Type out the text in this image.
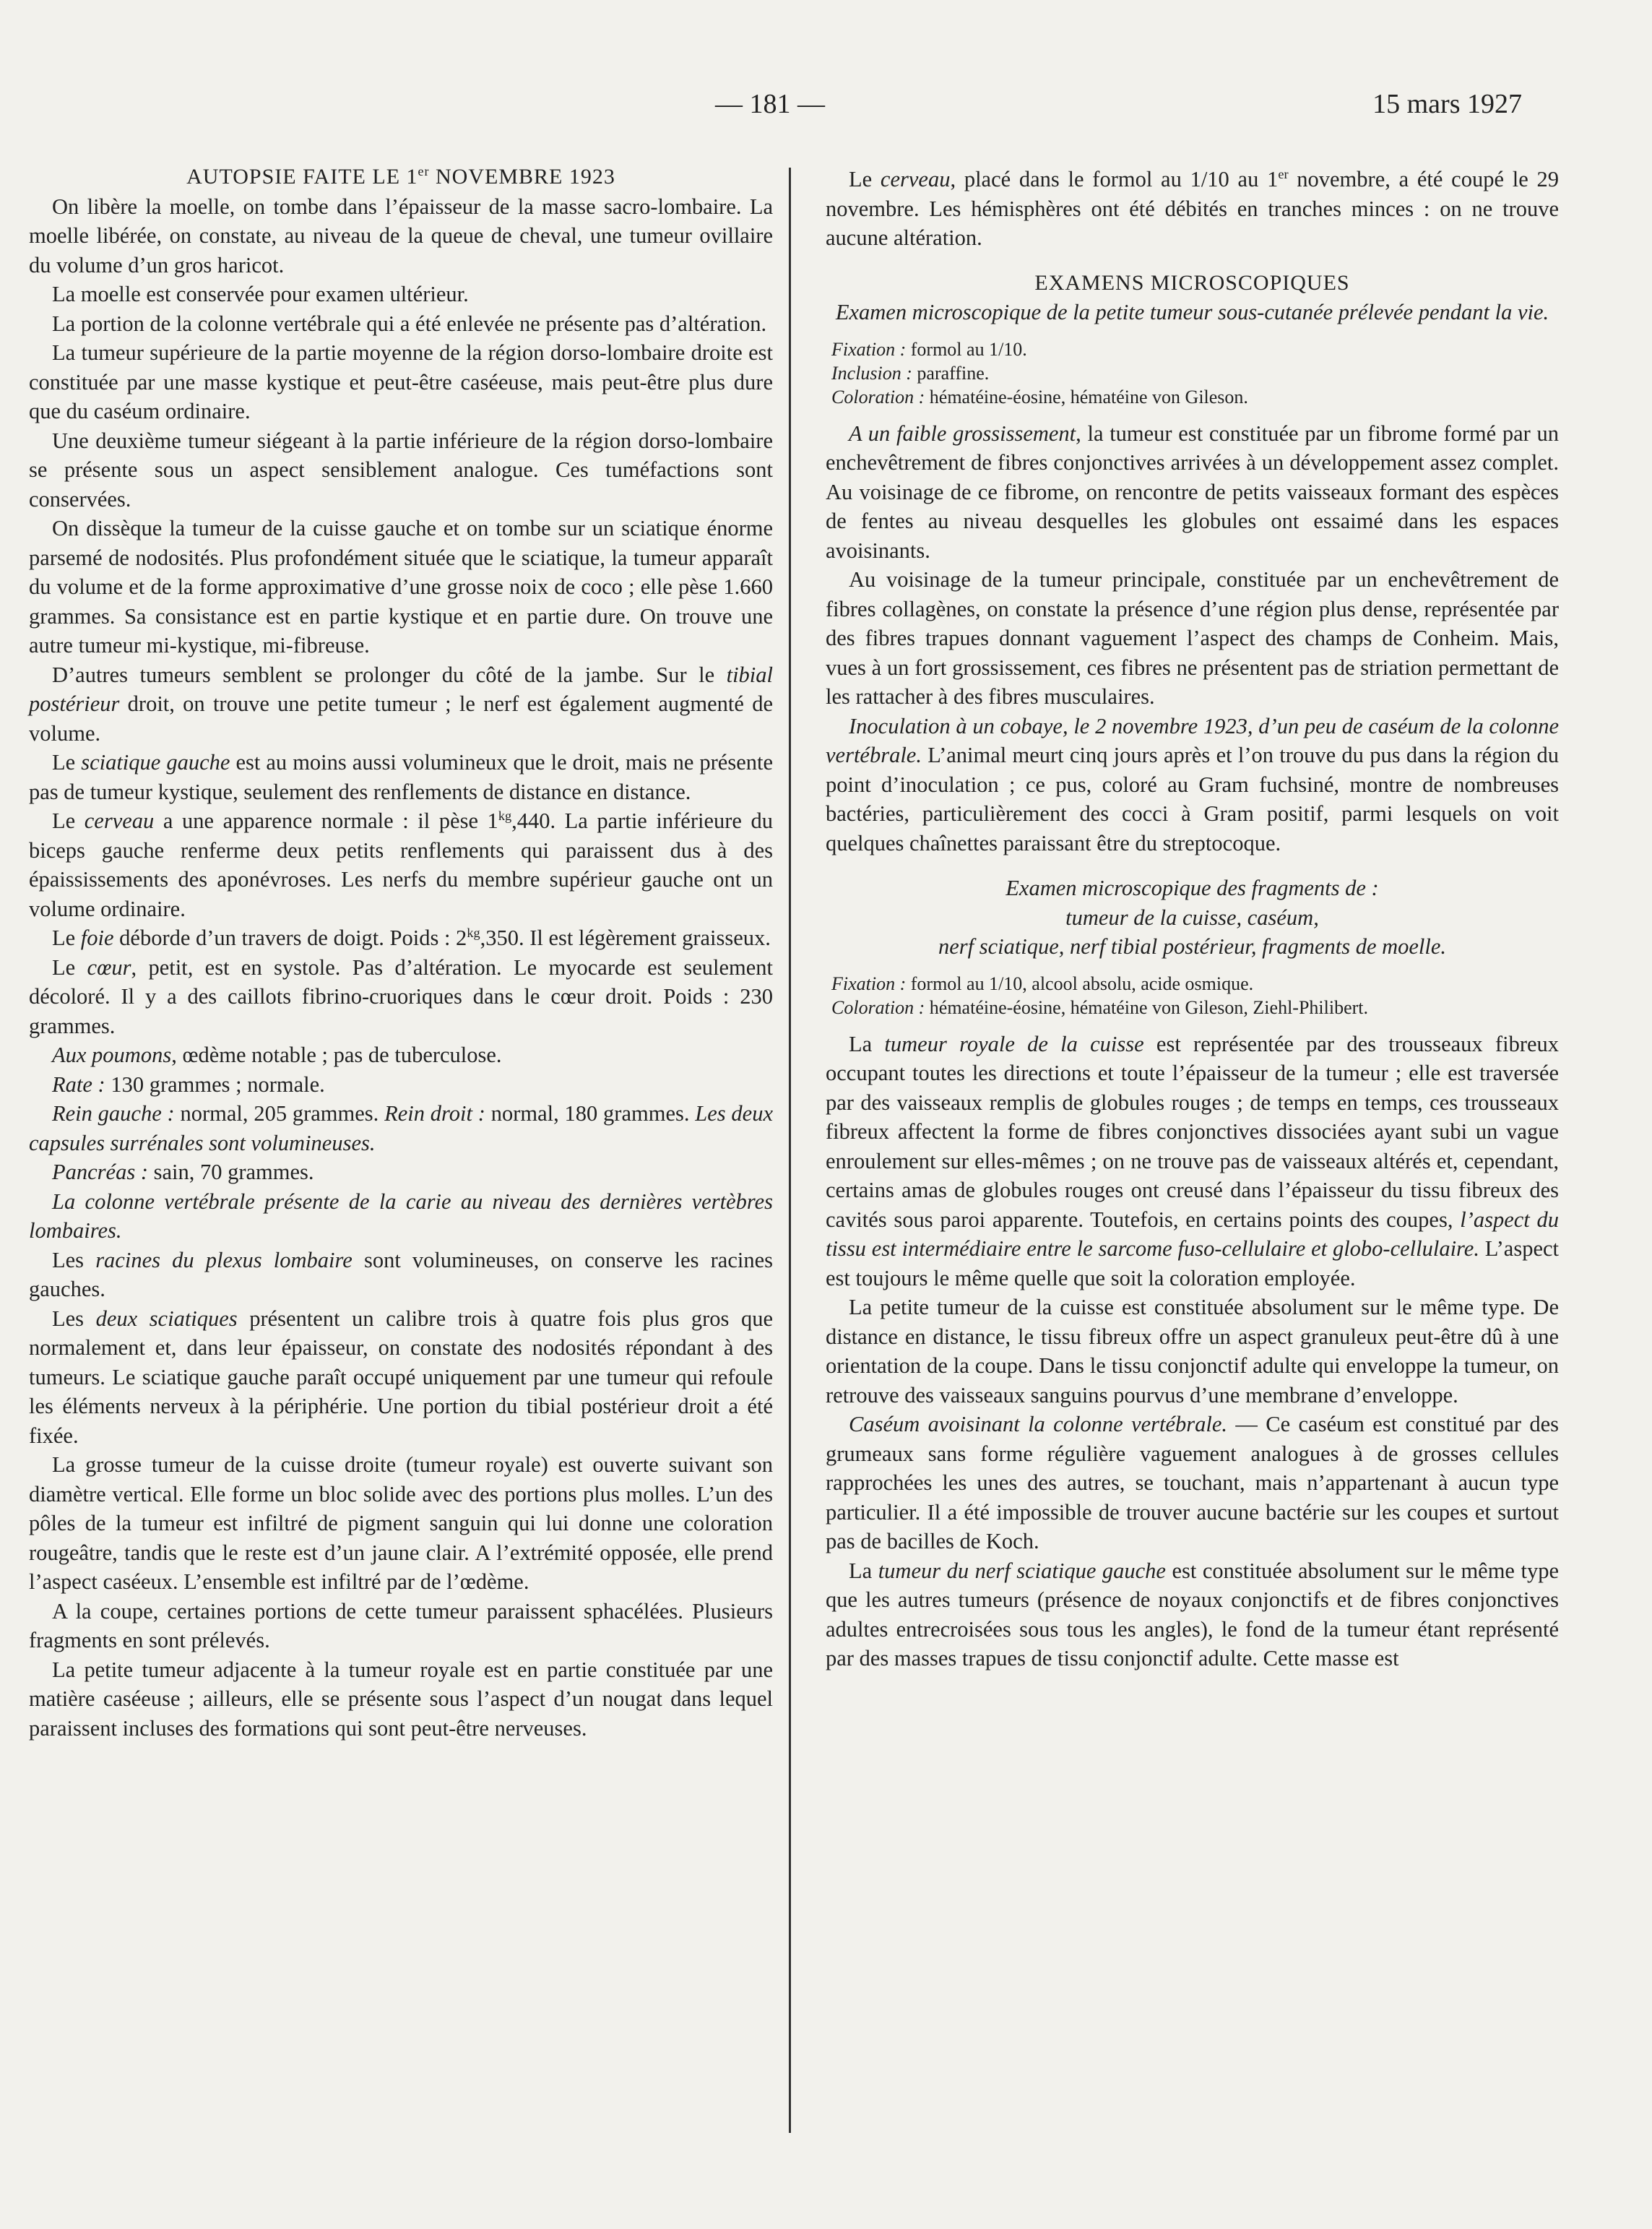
— 181 —	15 mars 1927

AUTOPSIE FAITE LE 1er NOVEMBRE 1923

On libère la moelle, on tombe dans l’épaisseur de la masse sacro-lombaire. La moelle libérée, on constate, au niveau de la queue de cheval, une tumeur ovillaire du volume d’un gros haricot.

La moelle est conservée pour examen ultérieur.

La portion de la colonne vertébrale qui a été enlevée ne présente pas d’altération.

La tumeur supérieure de la partie moyenne de la région dorso-lombaire droite est constituée par une masse kystique et peut-être caséeuse, mais peut-être plus dure que du caséum ordinaire.

Une deuxième tumeur siégeant à la partie inférieure de la région dorso-lombaire se présente sous un aspect sensiblement analogue. Ces tuméfactions sont conservées.

On dissèque la tumeur de la cuisse gauche et on tombe sur un sciatique énorme parsemé de nodosités. Plus profondément située que le sciatique, la tumeur apparaît du volume et de la forme approximative d’une grosse noix de coco ; elle pèse 1.660 grammes. Sa consistance est en partie kystique et en partie dure. On trouve une autre tumeur mi-kystique, mi-fibreuse.

D’autres tumeurs semblent se prolonger du côté de la jambe. Sur le tibial postérieur droit, on trouve une petite tumeur ; le nerf est également augmenté de volume.

Le sciatique gauche est au moins aussi volumineux que le droit, mais ne présente pas de tumeur kystique, seulement des renflements de distance en distance.

Le cerveau a une apparence normale : il pèse $1^{kg},440$. La partie inférieure du biceps gauche renferme deux petits renflements qui paraissent dus à des épaississements des aponévroses. Les nerfs du membre supérieur gauche ont un volume ordinaire.

Le foie déborde d’un travers de doigt. Poids : $2^{kg},350$. Il est légèrement graisseux.

Le cœur, petit, est en systole. Pas d’altération. Le myocarde est seulement décoloré. Il y a des caillots fibrino-cruoriques dans le cœur droit. Poids : 230 grammes.

Aux poumons, œdème notable ; pas de tuberculose.

Rate : 130 grammes ; normale.

Rein gauche : normal, 205 grammes. Rein droit : normal, 180 grammes. Les deux capsules surrénales sont volumineuses.

Pancréas : sain, 70 grammes.

La colonne vertébrale présente de la carie au niveau des dernières vertèbres lombaires.

Les racines du plexus lombaire sont volumineuses, on conserve les racines gauches.

Les deux sciatiques présentent un calibre trois à quatre fois plus gros que normalement et, dans leur épaisseur, on constate des nodosités répondant à des tumeurs. Le sciatique gauche paraît occupé uniquement par une tumeur qui refoule les éléments nerveux à la périphérie. Une portion du tibial postérieur droit a été fixée.

La grosse tumeur de la cuisse droite (tumeur royale) est ouverte suivant son diamètre vertical. Elle forme un bloc solide avec des portions plus molles. L’un des pôles de la tumeur est infiltré de pigment sanguin qui lui donne une coloration rougeâtre, tandis que le reste est d’un jaune clair. A l’extrémité opposée, elle prend l’aspect caséeux. L’ensemble est infiltré par de l’œdème.

A la coupe, certaines portions de cette tumeur paraissent sphacélées. Plusieurs fragments en sont prélevés.

La petite tumeur adjacente à la tumeur royale est en partie constituée par une matière caséeuse ; ailleurs, elle se présente sous l’aspect d’un nougat dans lequel paraissent incluses des formations qui sont peut-être nerveuses.

Le cerveau, placé dans le formol au 1/10 au 1er novembre, a été coupé le 29 novembre. Les hémisphères ont été débités en tranches minces : on ne trouve aucune altération.

EXAMENS MICROSCOPIQUES

Examen microscopique de la petite tumeur sous-cutanée prélevée pendant la vie.

Fixation : formol au 1/10.
Inclusion : paraffine.
Coloration : hématéine-éosine, hématéine von Gileson.

A un faible grossissement, la tumeur est constituée par un fibrome formé par un enchevêtrement de fibres conjonctives arrivées à un développement assez complet. Au voisinage de ce fibrome, on rencontre de petits vaisseaux formant des espèces de fentes au niveau desquelles les globules ont essaimé dans les espaces avoisinants.

Au voisinage de la tumeur principale, constituée par un enchevêtrement de fibres collagènes, on constate la présence d’une région plus dense, représentée par des fibres trapues donnant vaguement l’aspect des champs de Conheim. Mais, vues à un fort grossissement, ces fibres ne présentent pas de striation permettant de les rattacher à des fibres musculaires.

Inoculation à un cobaye, le 2 novembre 1923, d’un peu de caséum de la colonne vertébrale. L’animal meurt cinq jours après et l’on trouve du pus dans la région du point d’inoculation ; ce pus, coloré au Gram fuchsiné, montre de nombreuses bactéries, particulièrement des cocci à Gram positif, parmi lesquels on voit quelques chaînettes paraissant être du streptocoque.

Examen microscopique des fragments de :
tumeur de la cuisse, caséum,
nerf sciatique, nerf tibial postérieur, fragments de moelle.

Fixation : formol au 1/10, alcool absolu, acide osmique.
Coloration : hématéine-éosine, hématéine von Gileson, Ziehl-Philibert.

La tumeur royale de la cuisse est représentée par des trousseaux fibreux occupant toutes les directions et toute l’épaisseur de la tumeur ; elle est traversée par des vaisseaux remplis de globules rouges ; de temps en temps, ces trousseaux fibreux affectent la forme de fibres conjonctives dissociées ayant subi un vague enroulement sur elles-mêmes ; on ne trouve pas de vaisseaux altérés et, cependant, certains amas de globules rouges ont creusé dans l’épaisseur du tissu fibreux des cavités sous paroi apparente. Toutefois, en certains points des coupes, l’aspect du tissu est intermédiaire entre le sarcome fuso-cellulaire et globo-cellulaire. L’aspect est toujours le même quelle que soit la coloration employée.

La petite tumeur de la cuisse est constituée absolument sur le même type. De distance en distance, le tissu fibreux offre un aspect granuleux peut-être dû à une orientation de la coupe. Dans le tissu conjonctif adulte qui enveloppe la tumeur, on retrouve des vaisseaux sanguins pourvus d’une membrane d’enveloppe.

Caséum avoisinant la colonne vertébrale. — Ce caséum est constitué par des grumeaux sans forme régulière vaguement analogues à de grosses cellules rapprochées les unes des autres, se touchant, mais n’appartenant à aucun type particulier. Il a été impossible de trouver aucune bactérie sur les coupes et surtout pas de bacilles de Koch.

La tumeur du nerf sciatique gauche est constituée absolument sur le même type que les autres tumeurs (présence de noyaux conjonctifs et de fibres conjonctives adultes entrecroisées sous tous les angles), le fond de la tumeur étant représenté par des masses trapues de tissu conjonctif adulte. Cette masse est
